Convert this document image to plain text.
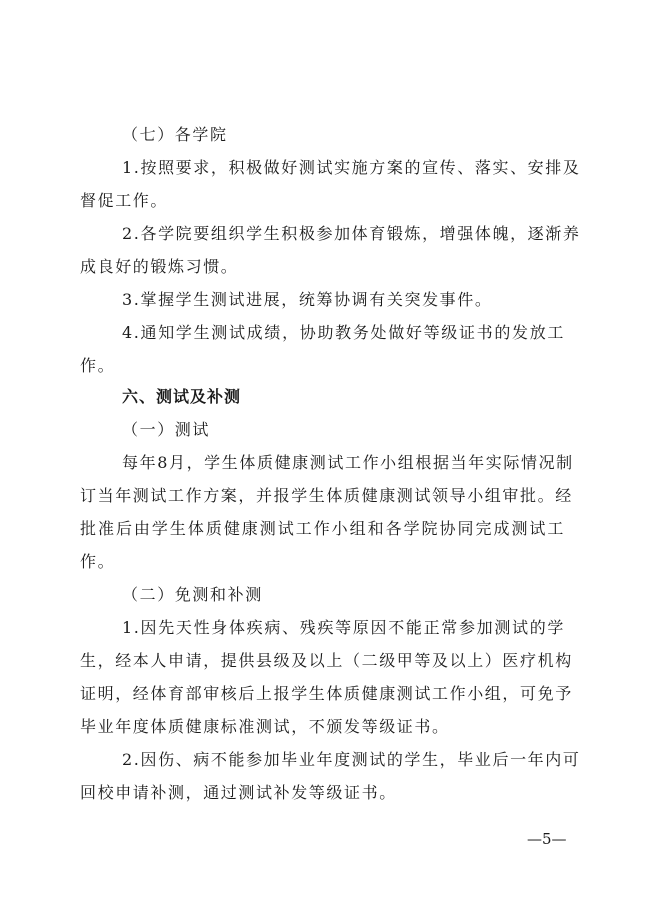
（七）各学院
1.按照要求，积极做好测试实施方案的宣传、落实、安排及
督促工作。
2.各学院要组织学生积极参加体育锻炼，增强体魄，逐渐养
成良好的锻炼习惯。
3.掌握学生测试进展，统筹协调有关突发事件。
4.通知学生测试成绩，协助教务处做好等级证书的发放工
作。
六、测试及补测
（一）测试
每年8月，学生体质健康测试工作小组根据当年实际情况制
订当年测试工作方案，并报学生体质健康测试领导小组审批。经
批准后由学生体质健康测试工作小组和各学院协同完成测试工
作。
（二）免测和补测
1.因先天性身体疾病、残疾等原因不能正常参加测试的学
生，经本人申请，提供县级及以上（二级甲等及以上）医疗机构
证明，经体育部审核后上报学生体质健康测试工作小组，可免予
毕业年度体质健康标准测试，不颁发等级证书。
2.因伤、病不能参加毕业年度测试的学生，毕业后一年内可
回校申请补测，通过测试补发等级证书。
—5—
